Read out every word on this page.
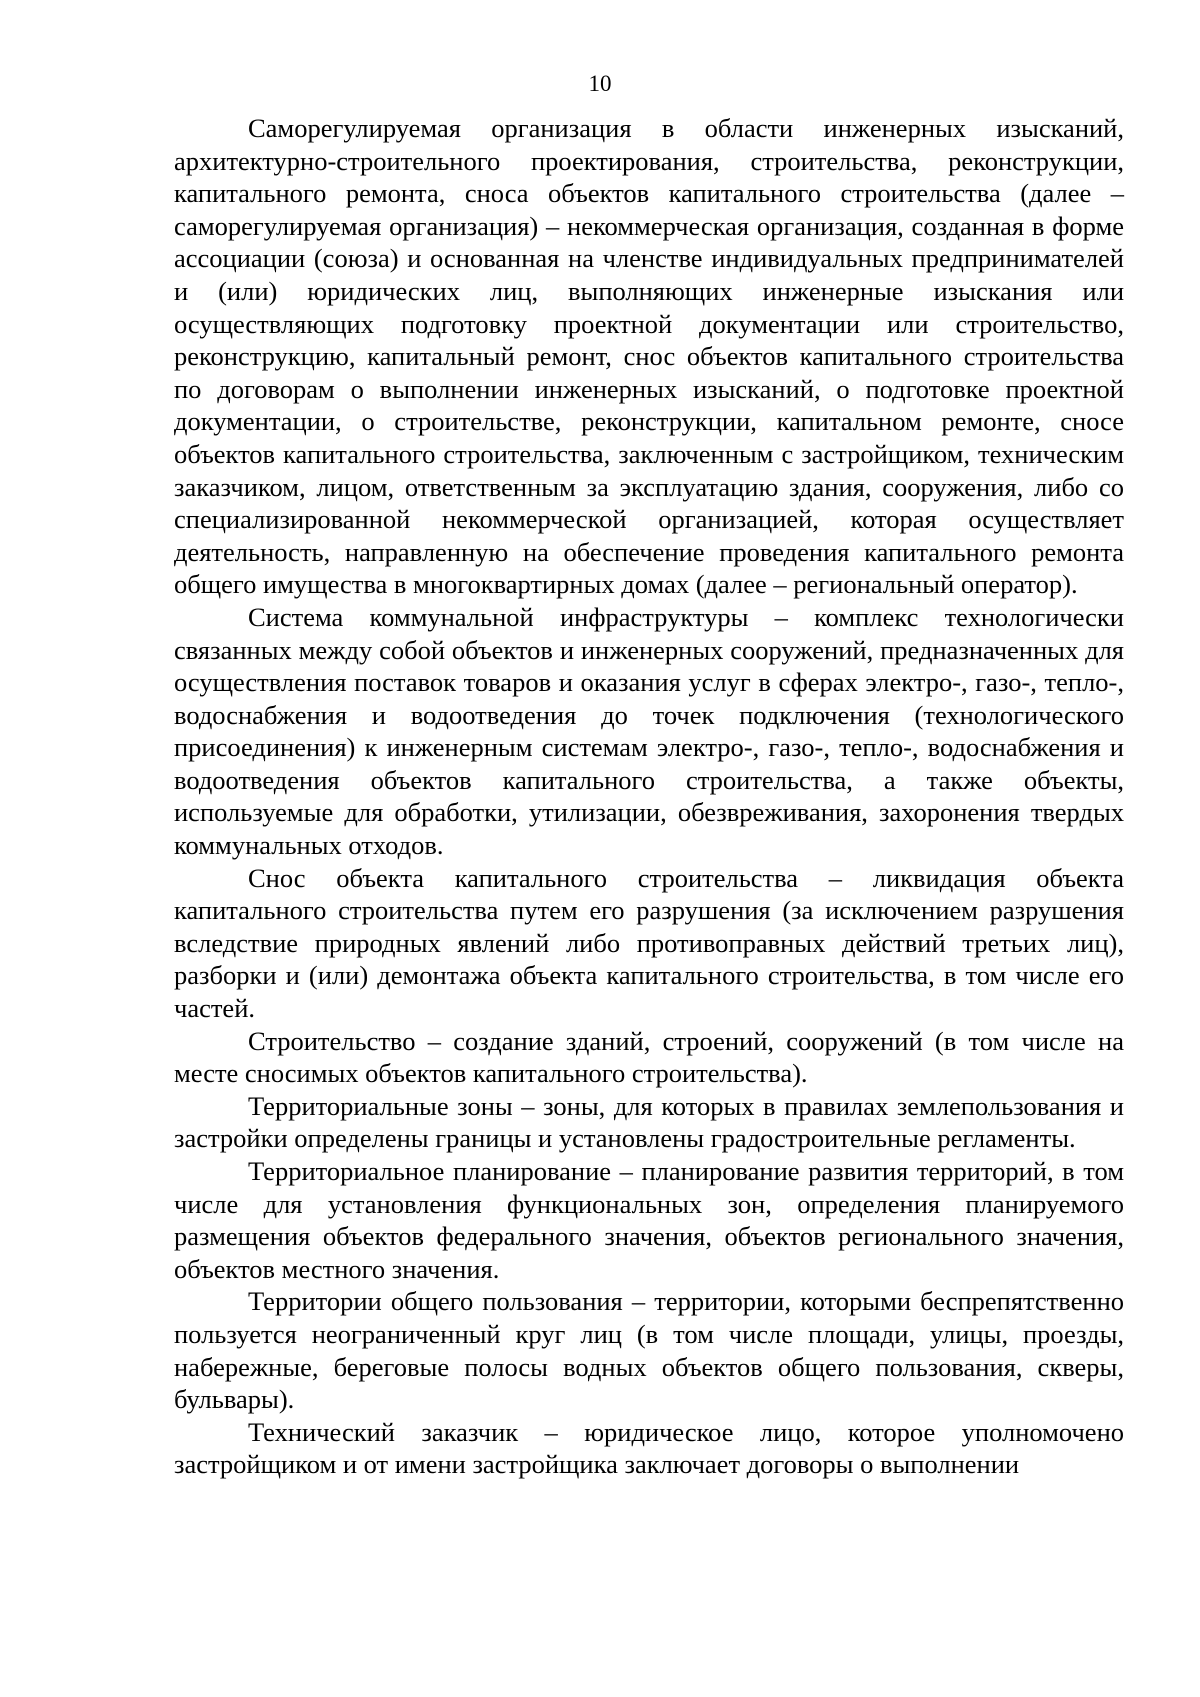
10

Саморегулируемая организация в области инженерных изысканий, архитектурно-строительного проектирования, строительства, реконструкции, капитального ремонта, сноса объектов капитального строительства (далее – саморегулируемая организация) – некоммерческая организация, созданная в форме ассоциации (союза) и основанная на членстве индивидуальных предпринимателей и (или) юридических лиц, выполняющих инженерные изыскания или осуществляющих подготовку проектной документации или строительство, реконструкцию, капитальный ремонт, снос объектов капитального строительства по договорам о выполнении инженерных изысканий, о подготовке проектной документации, о строительстве, реконструкции, капитальном ремонте, сносе объектов капитального строительства, заключенным с застройщиком, техническим заказчиком, лицом, ответственным за эксплуатацию здания, сооружения, либо со специализированной некоммерческой организацией, которая осуществляет деятельность, направленную на обеспечение проведения капитального ремонта общего имущества в многоквартирных домах (далее – региональный оператор).

Система коммунальной инфраструктуры – комплекс технологически связанных между собой объектов и инженерных сооружений, предназначенных для осуществления поставок товаров и оказания услуг в сферах электро-, газо-, тепло-, водоснабжения и водоотведения до точек подключения (технологического присоединения) к инженерным системам электро-, газо-, тепло-, водоснабжения и водоотведения объектов капитального строительства, а также объекты, используемые для обработки, утилизации, обезвреживания, захоронения твердых коммунальных отходов.

Снос объекта капитального строительства – ликвидация объекта капитального строительства путем его разрушения (за исключением разрушения вследствие природных явлений либо противоправных действий третьих лиц), разборки и (или) демонтажа объекта капитального строительства, в том числе его частей.

Строительство – создание зданий, строений, сооружений (в том числе на месте сносимых объектов капитального строительства).

Территориальные зоны – зоны, для которых в правилах землепользования и застройки определены границы и установлены градостроительные регламенты.

Территориальное планирование – планирование развития территорий, в том числе для установления функциональных зон, определения планируемого размещения объектов федерального значения, объектов регионального значения, объектов местного значения.

Территории общего пользования – территории, которыми беспрепятственно пользуется неограниченный круг лиц (в том числе площади, улицы, проезды, набережные, береговые полосы водных объектов общего пользования, скверы, бульвары).

Технический заказчик – юридическое лицо, которое уполномочено застройщиком и от имени застройщика заключает договоры о выполнении
